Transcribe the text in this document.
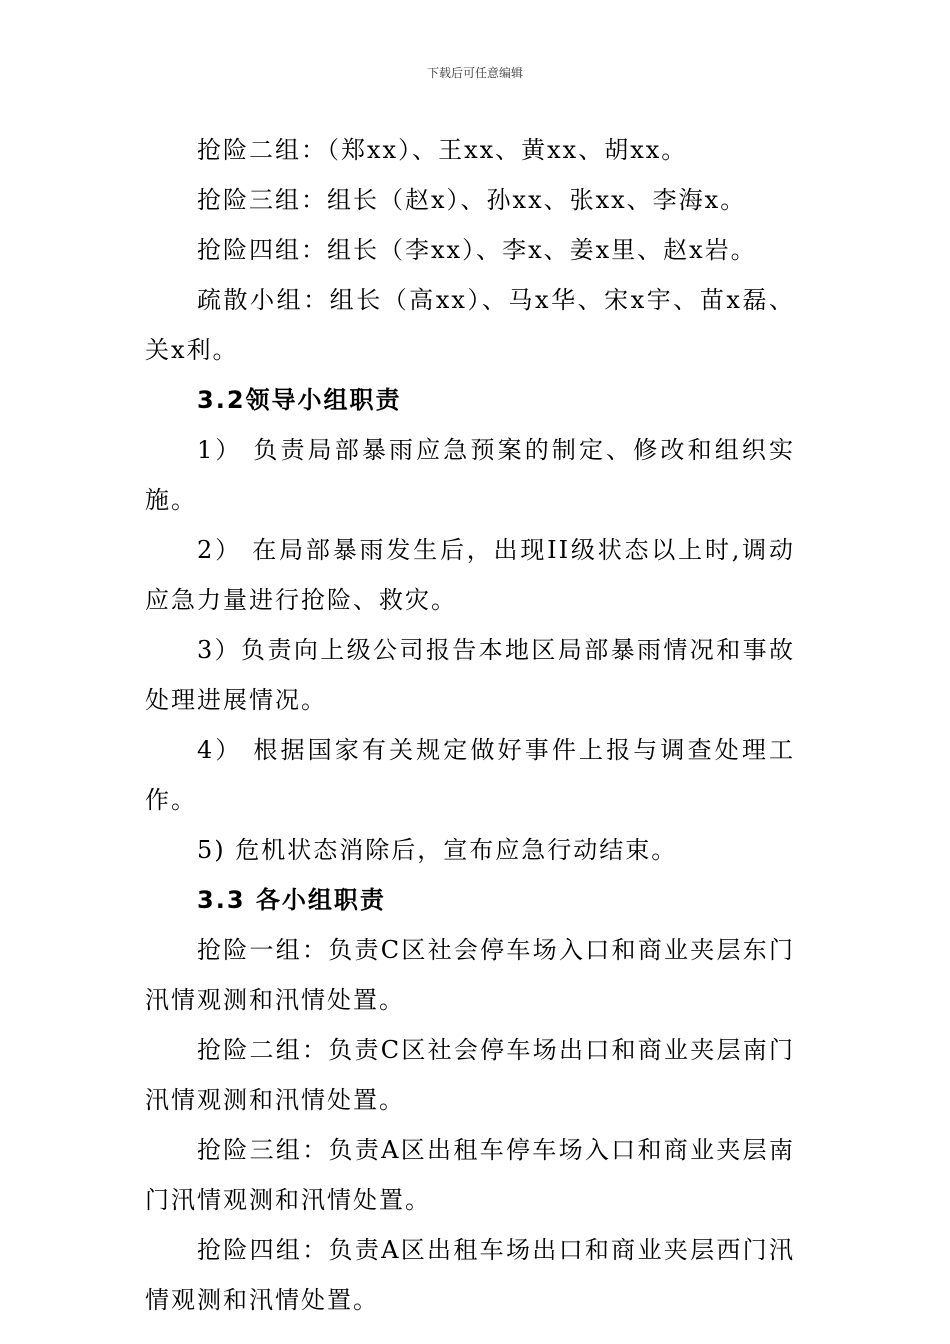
下载后可任意编辑

抢险二组：（郑xx）、王xx、黄xx、胡xx。

抢险三组：组长（赵x）、孙xx、张xx、李海x。

抢险四组：组长（李xx）、李x、姜x里、赵x岩。

疏散小组：组长（高xx）、马x华、宋x宇、苗x磊、关x利。

3.2领导小组职责

1） 负责局部暴雨应急预案的制定、修改和组织实施。

2） 在局部暴雨发生后，出现II级状态以上时,调动应急力量进行抢险、救灾。

3）负责向上级公司报告本地区局部暴雨情况和事故处理进展情况。

4） 根据国家有关规定做好事件上报与调查处理工作。

5) 危机状态消除后，宣布应急行动结束。

3.3 各小组职责

抢险一组：负责C区社会停车场入口和商业夹层东门汛情观测和汛情处置。

抢险二组：负责C区社会停车场出口和商业夹层南门汛情观测和汛情处置。

抢险三组：负责A区出租车停车场入口和商业夹层南门汛情观测和汛情处置。

抢险四组：负责A区出租车场出口和商业夹层西门汛情观测和汛情处置。
